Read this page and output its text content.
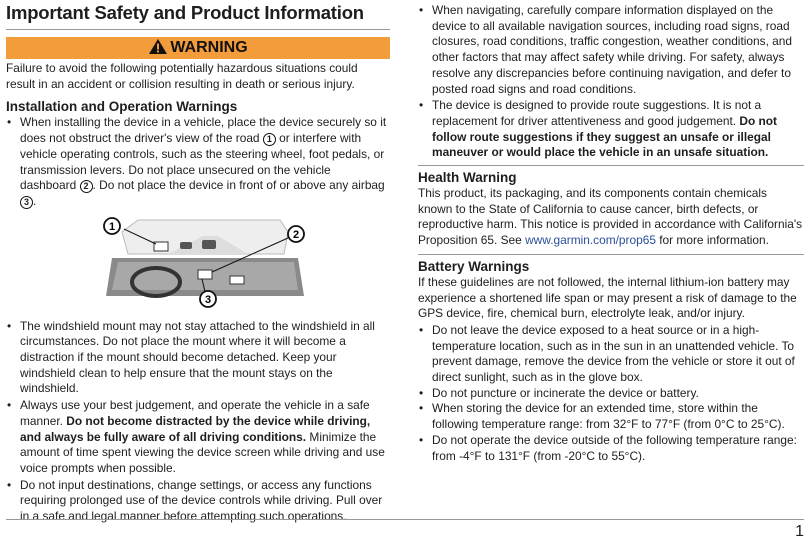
Important Safety and Product Information
WARNING

Failure to avoid the following potentially hazardous situations could result in an accident or collision resulting in death or serious injury.

Installation and Operation Warnings
• When installing the device in a vehicle, place the device securely so it does not obstruct the driver's view of the road 1 or interfere with vehicle operating controls, such as the steering wheel, foot pedals, or transmission levers. Do not place unsecured on the vehicle dashboard 2 . Do not place the device in front of or above any airbag 3 .
1
2
3
• The windshield mount may not stay attached to the windshield in all circumstances. Do not place the mount where it will become a distraction if the mount should become detached. Keep your windshield clean to help ensure that the mount stays on the windshield.
• Always use your best judgement, and operate the vehicle in a safe manner. Do not become distracted by the device while driving, and always be fully aware of all driving conditions. Minimize the amount of time spent viewing the device screen while driving and use voice prompts when possible.
• Do not input destinations, change settings, or access any functions requiring prolonged use of the device controls while driving. Pull over in a safe and legal manner before attempting such operations.
• When navigating, carefully compare information displayed on the device to all available navigation sources, including road signs, road closures, road conditions, traffic congestion, weather conditions, and other factors that may affect safety while driving. For safety, always resolve any discrepancies before continuing navigation, and defer to posted road signs and road conditions.
• The device is designed to provide route suggestions. It is not a replacement for driver attentiveness and good judgement. Do not follow route suggestions if they suggest an unsafe or illegal maneuver or would place the vehicle in an unsafe situation.
Health Warning

This product, its packaging, and its components contain chemicals known to the State of California to cause cancer, birth defects, or reproductive harm. This notice is provided in accordance with California's Proposition 65. See www.garmin.com/prop65 for more information.

Battery Warnings

If these guidelines are not followed, the internal lithium-ion battery may experience a shortened life span or may present a risk of damage to the GPS device, fire, chemical burn, electrolyte leak, and/or injury.

• Do not leave the device exposed to a heat source or in a high-temperature location, such as in the sun in an unattended vehicle. To prevent damage, remove the device from the vehicle or store it out of direct sunlight, such as in the glove box.
• Do not puncture or incinerate the device or battery.
• When storing the device for an extended time, store within the following temperature range: from 32°F to 77°F (from 0°C to 25°C).
• Do not operate the device outside of the following temperature range: from -4°F to 131°F (from -20°C to 55°C).
1
